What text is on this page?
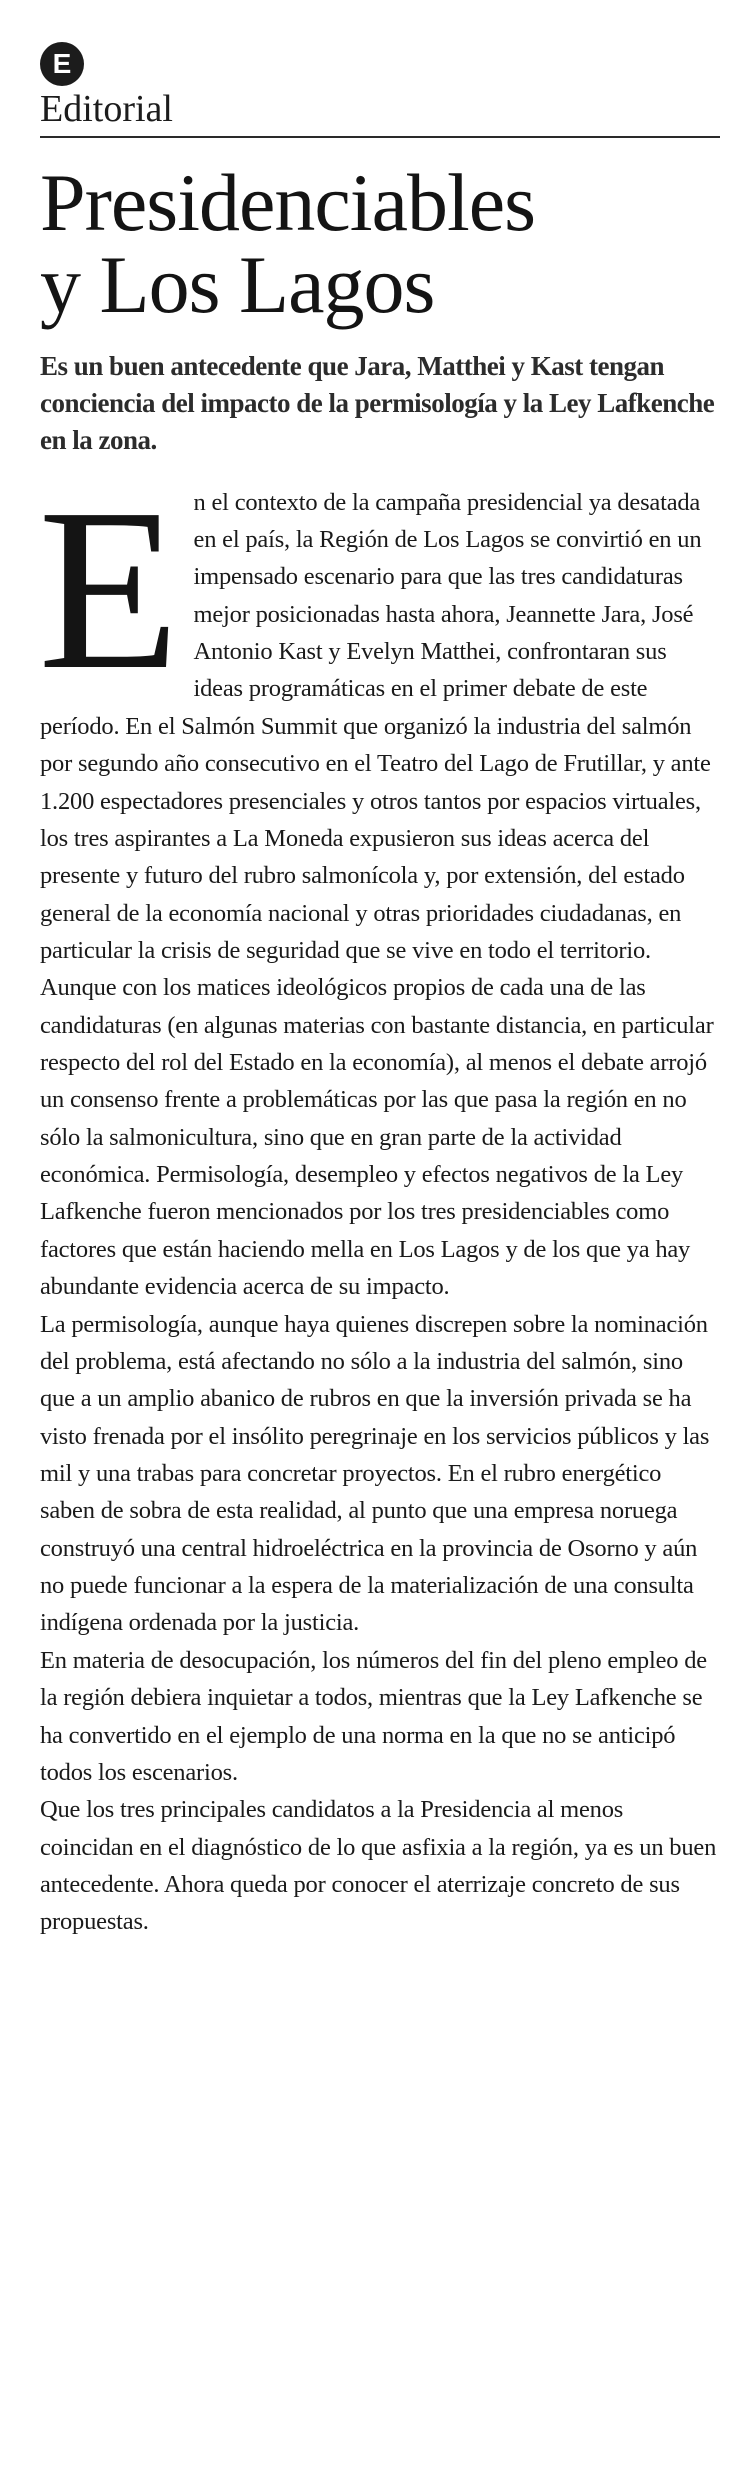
E
Editorial
Presidenciables
y Los Lagos

Es un buen antecedente que Jara, Matthei y Kast tengan conciencia del impacto de la permisología y la Ley Lafkenche en la zona.

En el contexto de la campaña presidencial ya desatada en el país, la Región de Los Lagos se convirtió en un impensado escenario para que las tres candidaturas mejor posicionadas hasta ahora, Jeannette Jara, José Antonio Kast y Evelyn Matthei, confrontaran sus ideas programáticas en el primer debate de este período. En el Salmón Summit que organizó la industria del salmón por segundo año consecutivo en el Teatro del Lago de Frutillar, y ante 1.200 espectadores presenciales y otros tantos por espacios virtuales, los tres aspirantes a La Moneda expusieron sus ideas acerca del presente y futuro del rubro salmonícola y, por extensión, del estado general de la economía nacional y otras prioridades ciudadanas, en particular la crisis de seguridad que se vive en todo el territorio.

Aunque con los matices ideológicos propios de cada una de las candidaturas (en algunas materias con bastante distancia, en particular respecto del rol del Estado en la economía), al menos el debate arrojó un consenso frente a problemáticas por las que pasa la región en no sólo la salmonicultura, sino que en gran parte de la actividad económica. Permisología, desempleo y efectos negativos de la Ley Lafkenche fueron mencionados por los tres presidenciables como factores que están haciendo mella en Los Lagos y de los que ya hay abundante evidencia acerca de su impacto.

La permisología, aunque haya quienes discrepen sobre la nominación del problema, está afectando no sólo a la industria del salmón, sino que a un amplio abanico de rubros en que la inversión privada se ha visto frenada por el insólito peregrinaje en los servicios públicos y las mil y una trabas para concretar proyectos. En el rubro energético saben de sobra de esta realidad, al punto que una empresa noruega construyó una central hidroeléctrica en la provincia de Osorno y aún no puede funcionar a la espera de la materialización de una consulta indígena ordenada por la justicia.

En materia de desocupación, los números del fin del pleno empleo de la región debiera inquietar a todos, mientras que la Ley Lafkenche se ha convertido en el ejemplo de una norma en la que no se anticipó todos los escenarios.

Que los tres principales candidatos a la Presidencia al menos coincidan en el diagnóstico de lo que asfixia a la región, ya es un buen antecedente. Ahora queda por conocer el aterrizaje concreto de sus propuestas.
